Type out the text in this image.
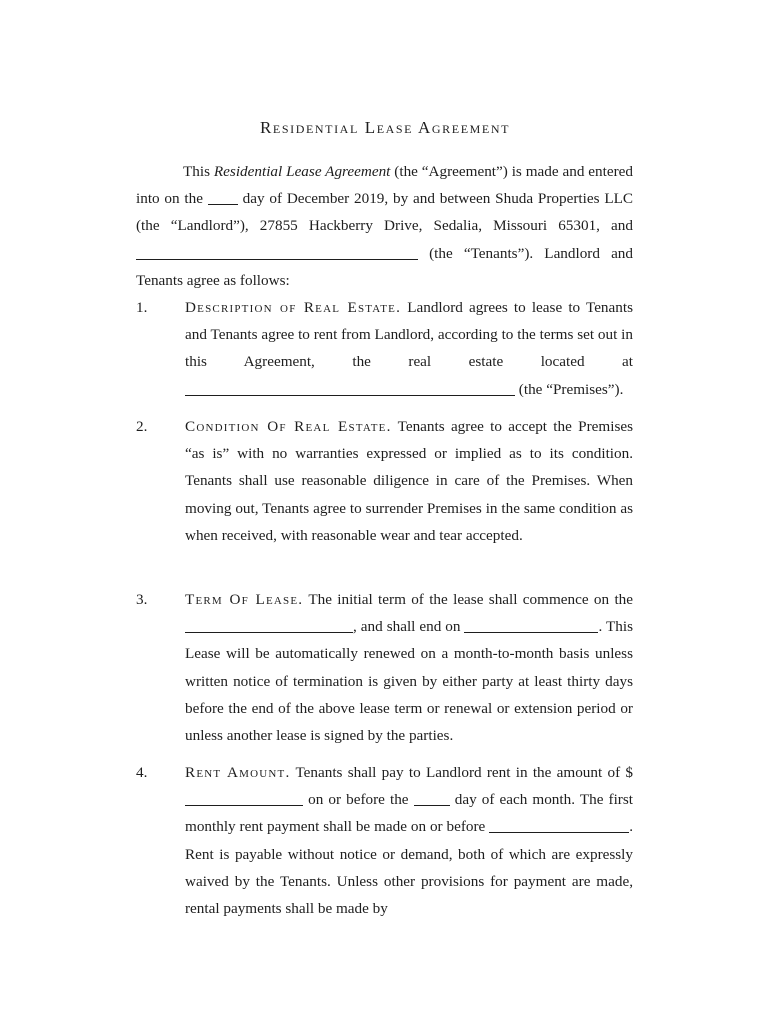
Residential Lease Agreement
This Residential Lease Agreement (the “Agreement”) is made and entered into on the	day of December 2019, by and between Shuda Properties LLC (the “Landlord”), 27855 Hackberry Drive, Sedalia, Missouri 65301, and  (the “Tenants”). Landlord and Tenants agree as follows:
1.	Description of Real Estate. Landlord agrees to lease to Tenants and Tenants agree to rent from Landlord, according to the terms set out in this Agreement, the real estate located at  (the “Premises”).
2.	Condition Of Real Estate. Tenants agree to accept the Premises “as is” with no warranties expressed or implied as to its condition. Tenants shall use reasonable diligence in care of the Premises. When moving out, Tenants agree to surrender Premises in the same condition as when received, with reasonable wear and tear accepted.
3.	Term Of Lease. The initial term of the lease shall commence on the , and shall end on	. This Lease will be automatically renewed on a month-to-month basis unless written notice of termination is given by either party at least thirty days before the end of the above lease term or renewal or extension period or unless another lease is signed by the parties.
4.	Rent Amount. Tenants shall pay to Landlord rent in the amount of $ on or before the	day of each month. The first monthly rent payment shall be made on or before	. Rent is payable without notice or demand, both of which are expressly waived by the Tenants. Unless other provisions for payment are made, rental payments shall be made by
